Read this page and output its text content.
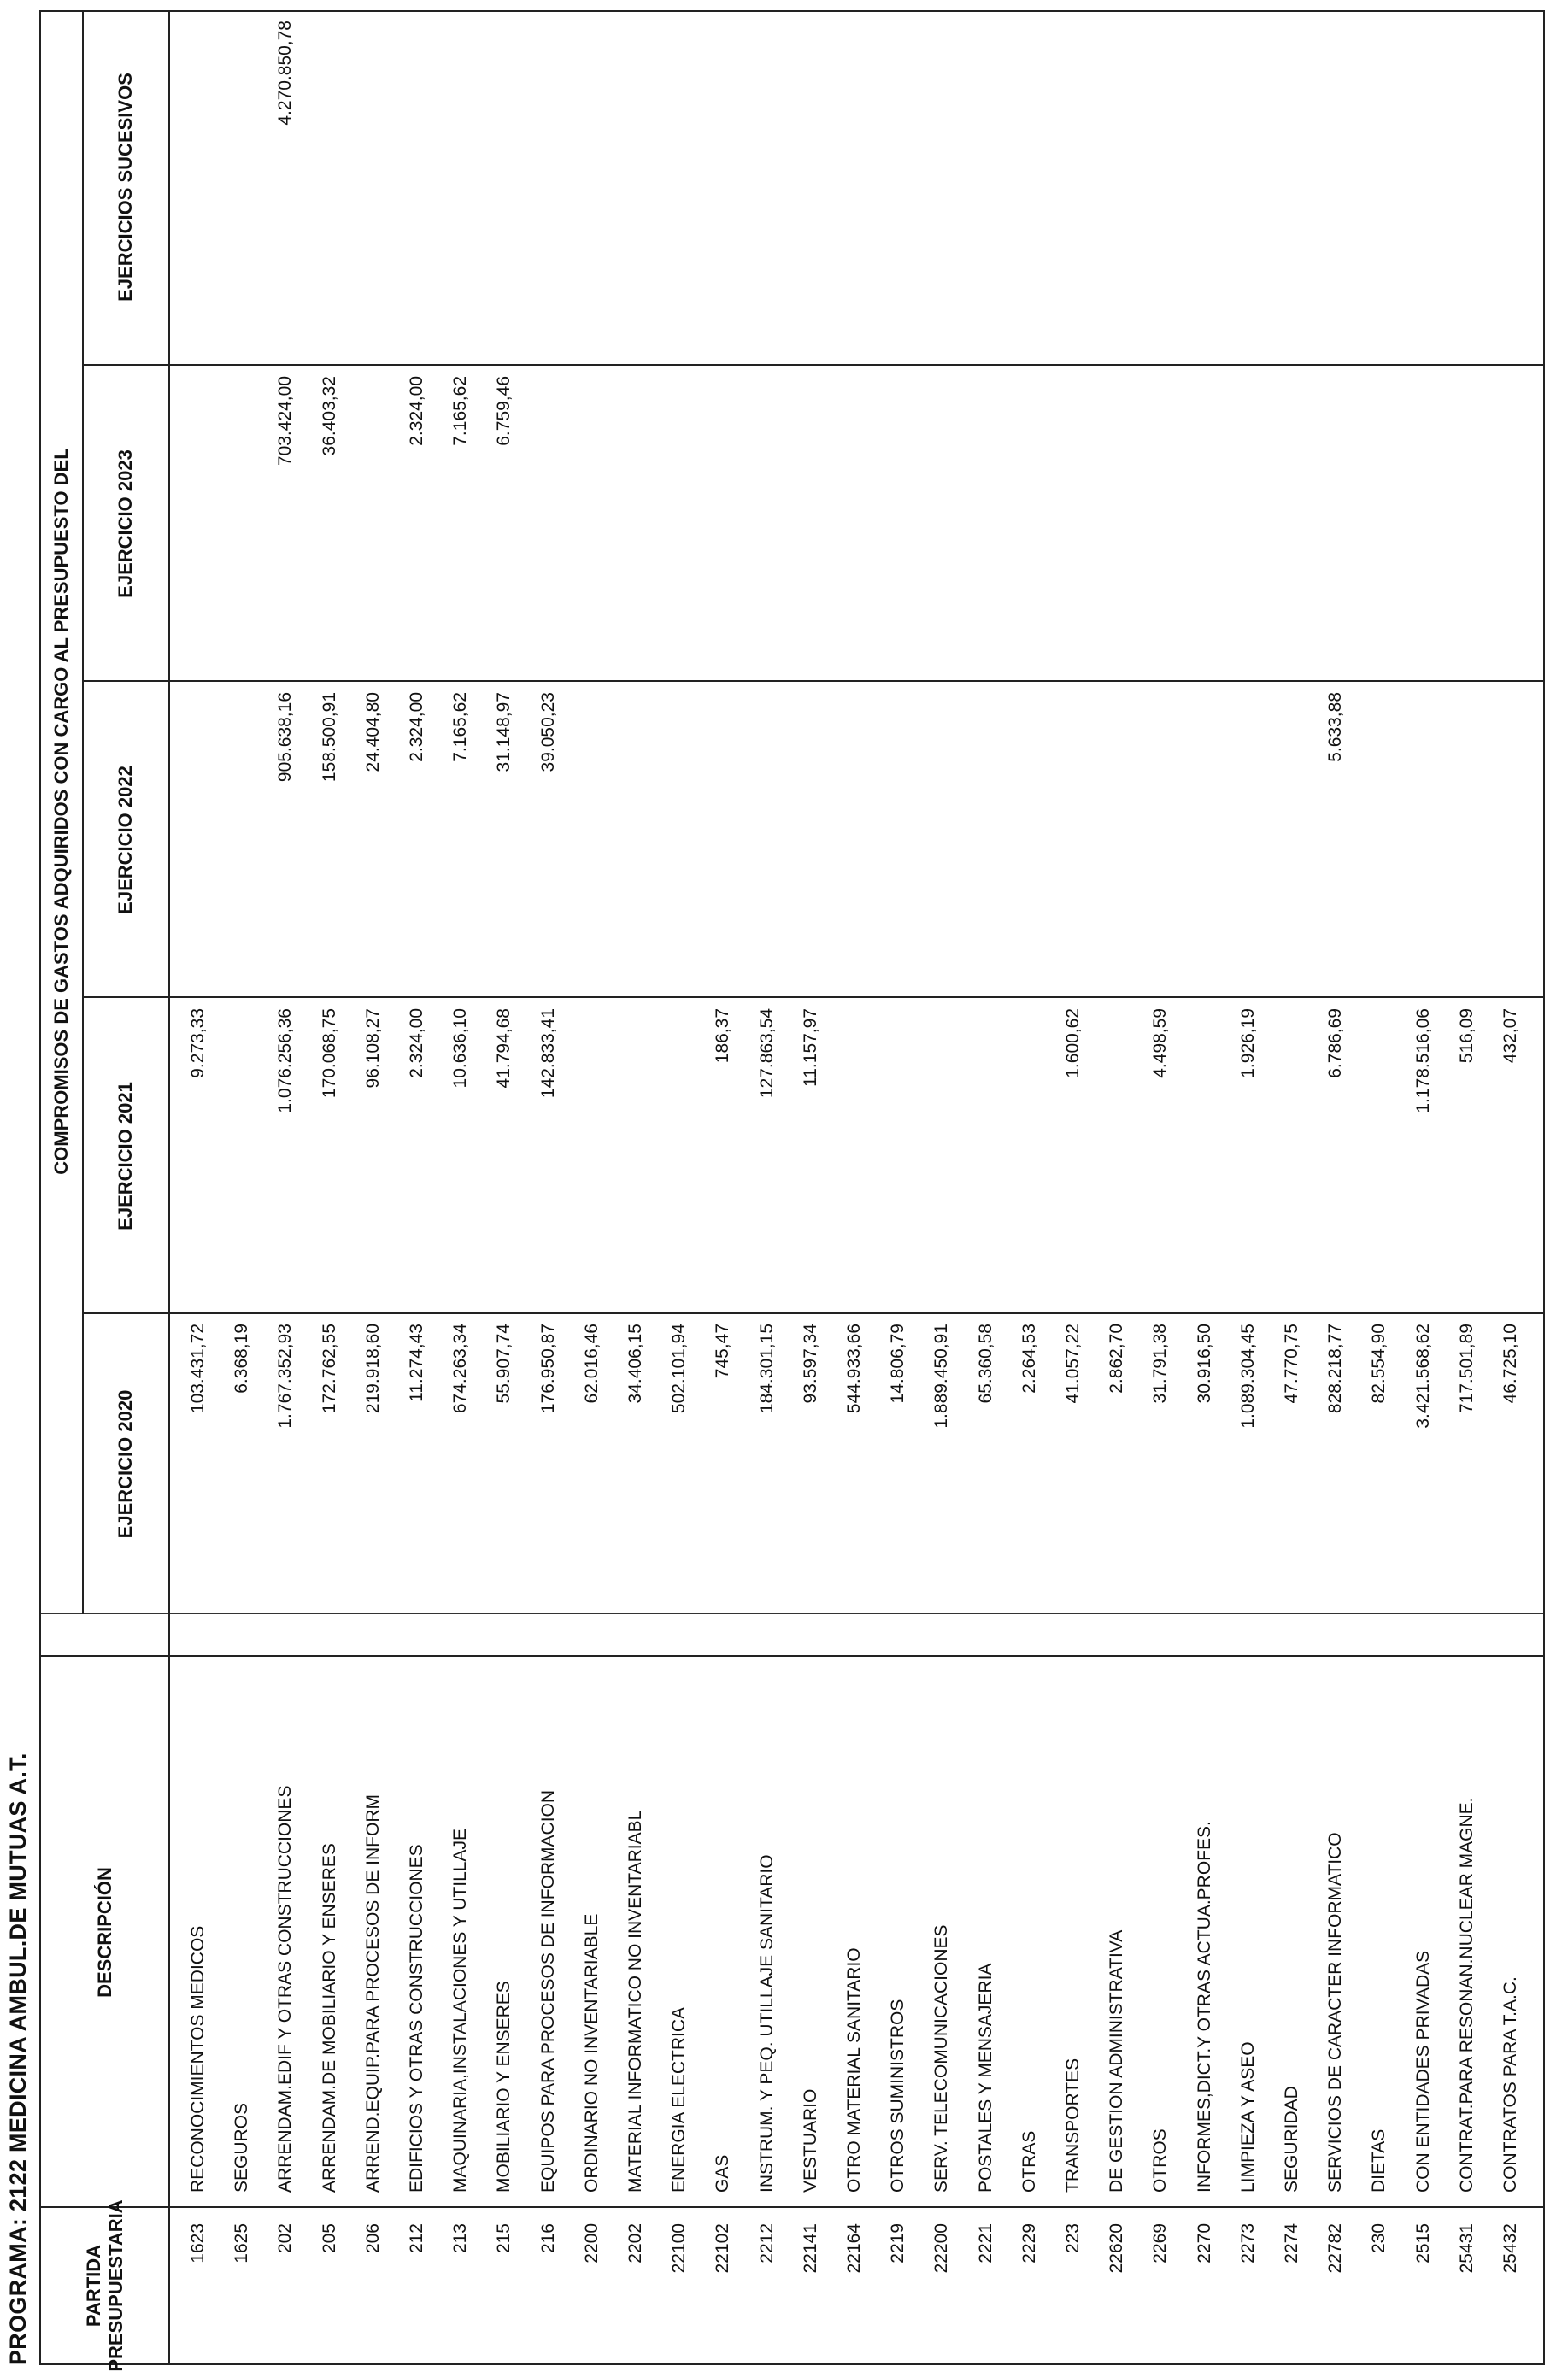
PROGRAMA: 2122 MEDICINA AMBUL.DE MUTUAS A.T.	PARTIDA PRESUPUESTARIA
DESCRIPCIÓN
COMPROMISOS DE GASTOS ADQUIRIDOS CON CARGO AL PRESUPUESTO DEL
EJERCICIO 2020
EJERCICIO 2021
EJERCICIO 2022
EJERCICIO 2023
EJERCICIOS SUCESIVOS
1623
RECONOCIMIENTOS MEDICOS
103.431,72
9.273,33
1625
SEGUROS
6.368,19
202
ARRENDAM.EDIF Y OTRAS CONSTRUCCIONES
1.767.352,93
1.076.256,36
905.638,16
703.424,00
4.270.850,78
205
ARRENDAM.DE MOBILIARIO Y ENSERES
172.762,55
170.068,75
158.500,91
36.403,32
206
ARREND.EQUIP.PARA PROCESOS DE INFORM
219.918,60
96.108,27
24.404,80
212
EDIFICIOS Y OTRAS CONSTRUCCIONES
11.274,43
2.324,00
2.324,00
2.324,00
213
MAQUINARIA,INSTALACIONES Y UTILLAJE
674.263,34
10.636,10
7.165,62
7.165,62
215
MOBILIARIO Y ENSERES
55.907,74
41.794,68
31.148,97
6.759,46
216
EQUIPOS PARA PROCESOS DE INFORMACION
176.950,87
142.833,41
39.050,23
2200
ORDINARIO NO INVENTARIABLE
62.016,46
2202
MATERIAL INFORMATICO NO INVENTARIABL
34.406,15
22100
ENERGIA ELECTRICA
502.101,94
22102
GAS
745,47
186,37
2212
INSTRUM. Y PEQ. UTILLAJE SANITARIO
184.301,15
127.863,54
22141
VESTUARIO
93.597,34
11.157,97
22164
OTRO MATERIAL SANITARIO
544.933,66
2219
OTROS SUMINISTROS
14.806,79
22200
SERV. TELECOMUNICACIONES
1.889.450,91
2221
POSTALES Y MENSAJERIA
65.360,58
2229
OTRAS
2.264,53
223
TRANSPORTES
41.057,22
1.600,62
22620
DE GESTION ADMINISTRATIVA
2.862,70
2269
OTROS
31.791,38
4.498,59
2270
INFORMES,DICT.Y OTRAS ACTUA.PROFES.
30.916,50
2273
LIMPIEZA Y ASEO
1.089.304,45
1.926,19
2274
SEGURIDAD
47.770,75
22782
SERVICIOS DE CARACTER INFORMATICO
828.218,77
6.786,69
5.633,88
230
DIETAS
82.554,90
2515
CON ENTIDADES PRIVADAS
3.421.568,62
1.178.516,06
25431
CONTRAT.PARA RESONAN.NUCLEAR MAGNE.
717.501,89
516,09
25432
CONTRATOS PARA T.A.C.
46.725,10
432,07
